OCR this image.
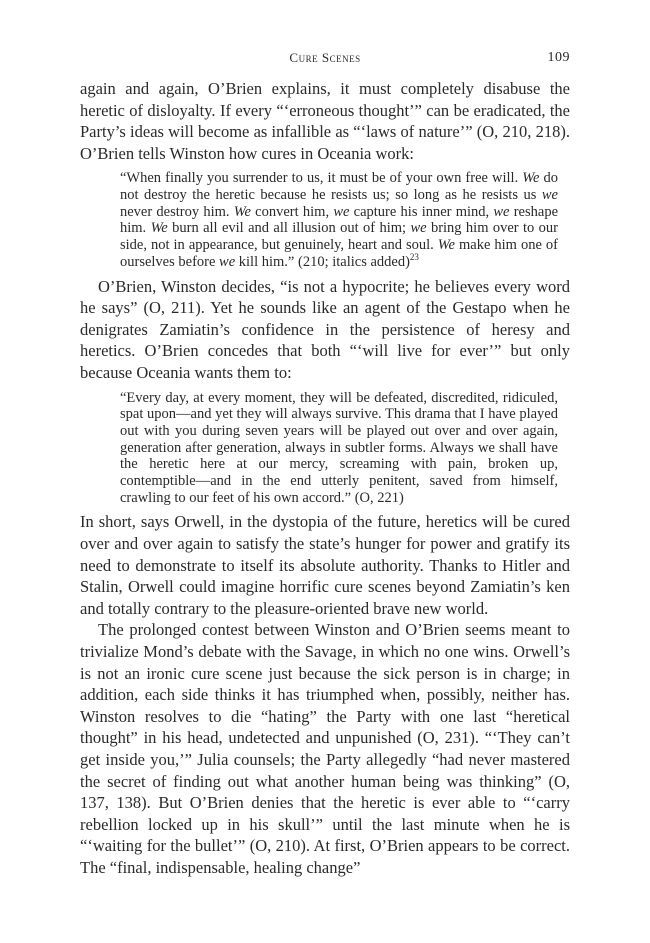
Cure Scenes	109

again and again, O’Brien explains, it must completely disabuse the heretic of disloyalty. If every “‘erroneous thought’” can be eradicated, the Party’s ideas will become as infallible as “‘laws of nature’” (O, 210, 218). O’Brien tells Winston how cures in Oceania work:

“When finally you surrender to us, it must be of your own free will. We do not destroy the heretic because he resists us; so long as he resists us we never destroy him. We convert him, we capture his inner mind, we reshape him. We burn all evil and all illusion out of him; we bring him over to our side, not in appearance, but genuinely, heart and soul. We make him one of ourselves before we kill him.” (210; italics added)$^{23}$

O’Brien, Winston decides, “is not a hypocrite; he believes every word he says” (O, 211). Yet he sounds like an agent of the Gestapo when he denigrates Zamiatin’s confidence in the persistence of heresy and heretics. O’Brien concedes that both “‘will live for ever’” but only because Oceania wants them to:

“Every day, at every moment, they will be defeated, discredited, ridiculed, spat upon—and yet they will always survive. This drama that I have played out with you during seven years will be played out over and over again, generation after generation, always in subtler forms. Always we shall have the heretic here at our mercy, screaming with pain, broken up, contemptible—and in the end utterly penitent, saved from himself, crawling to our feet of his own accord.” (O, 221)

In short, says Orwell, in the dystopia of the future, heretics will be cured over and over again to satisfy the state’s hunger for power and gratify its need to demonstrate to itself its absolute authority. Thanks to Hitler and Stalin, Orwell could imagine horrific cure scenes beyond Zamiatin’s ken and totally contrary to the pleasure-oriented brave new world.

The prolonged contest between Winston and O’Brien seems meant to trivialize Mond’s debate with the Savage, in which no one wins. Orwell’s is not an ironic cure scene just because the sick person is in charge; in addition, each side thinks it has triumphed when, possibly, neither has. Winston resolves to die “hating” the Party with one last “heretical thought” in his head, undetected and unpunished (O, 231). “‘They can’t get inside you,’” Julia counsels; the Party allegedly “had never mastered the secret of finding out what another human being was thinking” (O, 137, 138). But O’Brien denies that the heretic is ever able to “‘carry rebellion locked up in his skull’” until the last minute when he is “‘waiting for the bullet’” (O, 210). At first, O’Brien appears to be correct. The “final, indispensable, healing change”
